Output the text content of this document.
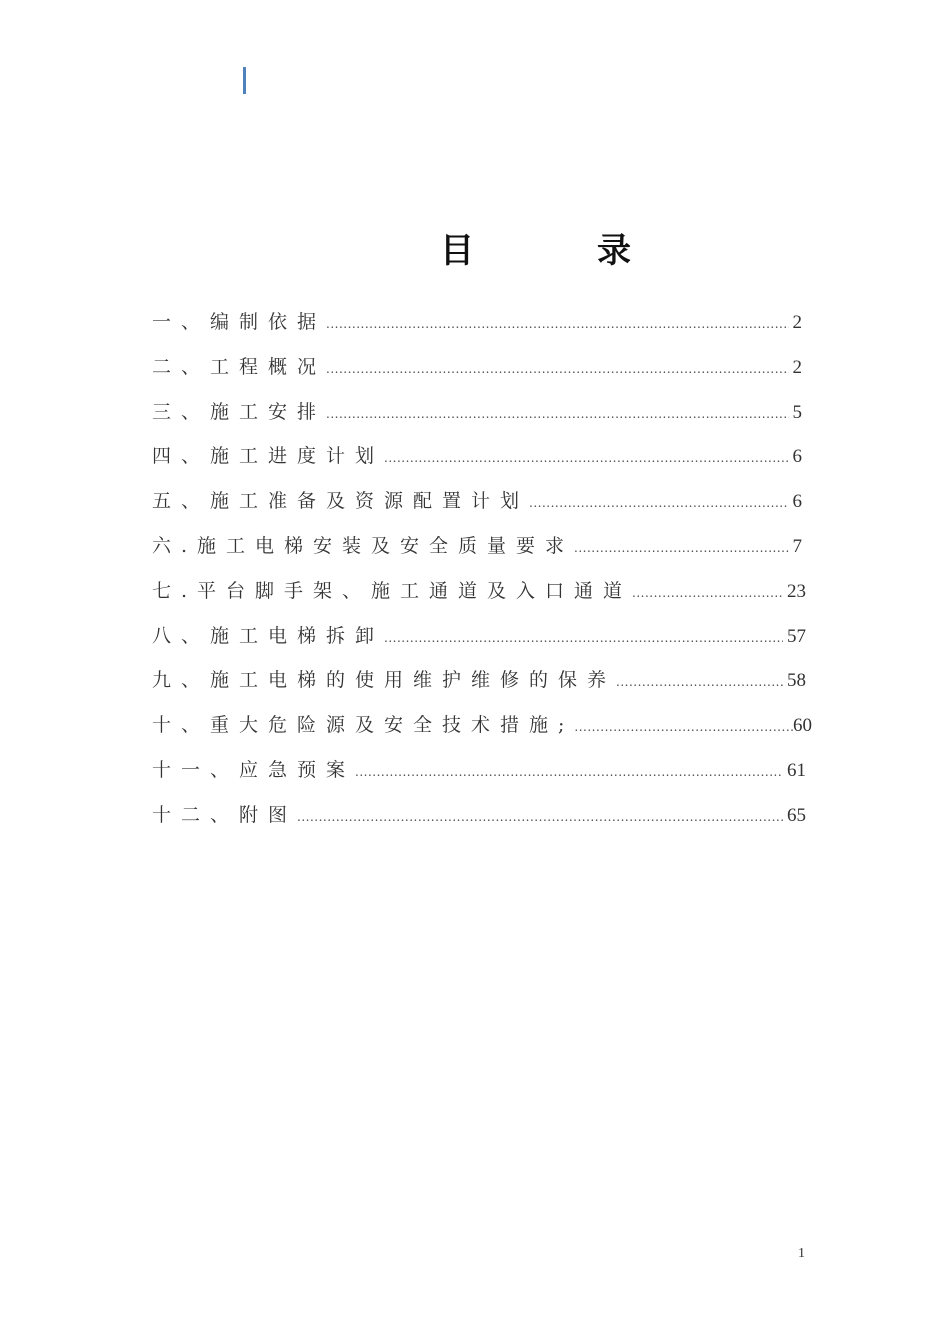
目	录
一、编制依据 .....	2
二、工程概况 .....	2
三、施工安排 .....	5
四、施工进度计划 .....	6
五、施工准备及资源配置计划 .....	6
六.施工电梯安装及安全质量要求 .....	7
七.平台脚手架、施工通道及入口通道 .....	23
八、施工电梯拆卸 .....	57
九、施工电梯的使用维护维修的保养 .....	58
十、重大危险源及安全技术措施; .....	60
十一、应急预案 .....	61
十二、附图 .....	65
1
